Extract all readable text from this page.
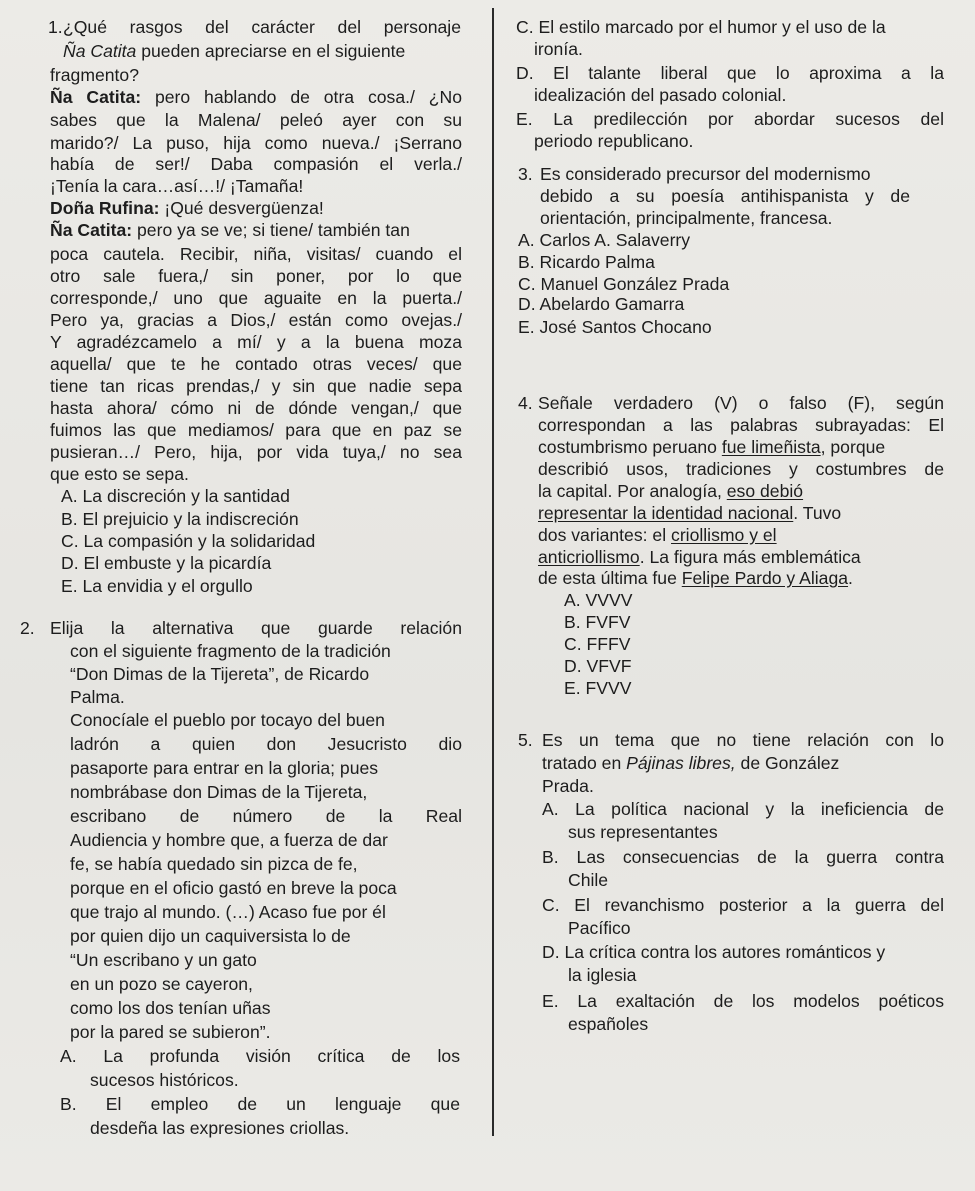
1. ¿Qué rasgos del carácter del personaje
Ña Catita pueden apreciarse en el siguiente
fragmento?
Ña Catita: pero hablando de otra cosa./ ¿No
sabes que la Malena/ peleó ayer con su
marido?/ La puso, hija como nueva./ ¡Serrano
había de ser!/ Daba compasión el verla./
¡Tenía la cara…así…!/ ¡Tamaña!
Doña Rufina: ¡Qué desvergüenza!
Ña Catita: pero ya se ve; si tiene/ también tan
poca cautela. Recibir, niña, visitas/ cuando el
otro sale fuera,/ sin poner, por lo que
corresponde,/ uno que aguaite en la puerta./
Pero ya, gracias a Dios,/ están como ovejas./
Y agradézcamelo a mí/ y a la buena moza
aquella/ que te he contado otras veces/ que
tiene tan ricas prendas,/ y sin que nadie sepa
hasta ahora/ cómo ni de dónde vengan,/ que
fuimos las que mediamos/ para que en paz se
pusieran…/ Pero, hija, por vida tuya,/ no sea
que esto se sepa.
A. La discreción y la santidad
B. El prejuicio y la indiscreción
C. La compasión y la solidaridad
D. El embuste y la picardía
E. La envidia y el orgullo
2. Elija la alternativa que guarde relación
con el siguiente fragmento de la tradición
“Don Dimas de la Tijereta”, de Ricardo
Palma.
Conocíale el pueblo por tocayo del buen
ladrón a quien don Jesucristo dio
pasaporte para entrar en la gloria; pues
nombrábase don Dimas de la Tijereta,
escribano de número de la Real
Audiencia y hombre que, a fuerza de dar
fe, se había quedado sin pizca de fe,
porque en el oficio gastó en breve la poca
que trajo al mundo. (…) Acaso fue por él
por quien dijo un caquiversista lo de
“Un escribano y un gato
en un pozo se cayeron,
como los dos tenían uñas
por la pared se subieron”.
A. La profunda visión crítica de los
sucesos históricos.
B. El empleo de un lenguaje que
desdeña las expresiones criollas.
C. El estilo marcado por el humor y el uso de la
ironía.
D. El talante liberal que lo aproxima a la
idealización del pasado colonial.
E. La predilección por abordar sucesos del
periodo republicano.
3. Es considerado precursor del modernismo
debido a su poesía antihispanista y de
orientación, principalmente, francesa.
A. Carlos A. Salaverry
B. Ricardo Palma
C. Manuel González Prada
D. Abelardo Gamarra
E. José Santos Chocano
4. Señale verdadero (V) o falso (F), según
correspondan a las palabras subrayadas: El
costumbrismo peruano fue limeñista, porque
describió usos, tradiciones y costumbres de
la capital. Por analogía, eso debió
representar la identidad nacional. Tuvo
dos variantes: el criollismo y el
anticriollismo. La figura más emblemática
de esta última fue Felipe Pardo y Aliaga.
A. VVVV
B. FVFV
C. FFFV
D. VFVF
E. FVVV
5. Es un tema que no tiene relación con lo
tratado en Pájinas libres, de González
Prada.
A. La política nacional y la ineficiencia de
sus representantes
B. Las consecuencias de la guerra contra
Chile
C. El revanchismo posterior a la guerra del
Pacífico
D. La crítica contra los autores románticos y
la iglesia
E. La exaltación de los modelos poéticos
españoles
